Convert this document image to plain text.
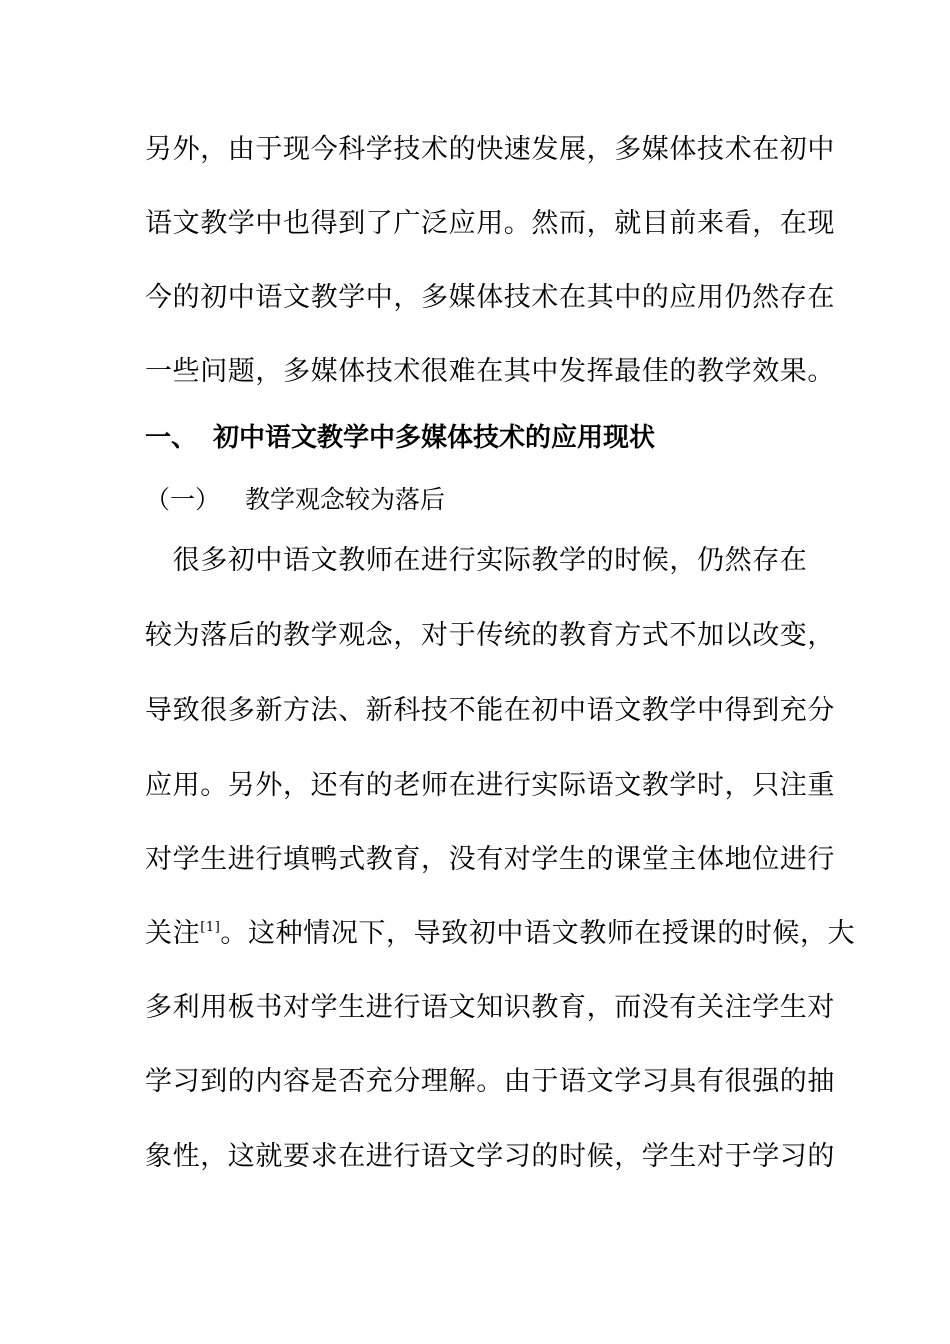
另外，由于现今科学技术的快速发展，多媒体技术在初中
语文教学中也得到了广泛应用。然而，就目前来看，在现
今的初中语文教学中，多媒体技术在其中的应用仍然存在
一些问题，多媒体技术很难在其中发挥最佳的教学效果。
一、 初中语文教学中多媒体技术的应用现状
（一） 教学观念较为落后
　很多初中语文教师在进行实际教学的时候，仍然存在
较为落后的教学观念，对于传统的教育方式不加以改变，
导致很多新方法、新科技不能在初中语文教学中得到充分
应用。另外，还有的老师在进行实际语文教学时，只注重
对学生进行填鸭式教育，没有对学生的课堂主体地位进行
关注[1]。这种情况下，导致初中语文教师在授课的时候，大
多利用板书对学生进行语文知识教育，而没有关注学生对
学习到的内容是否充分理解。由于语文学习具有很强的抽
象性，这就要求在进行语文学习的时候，学生对于学习的
